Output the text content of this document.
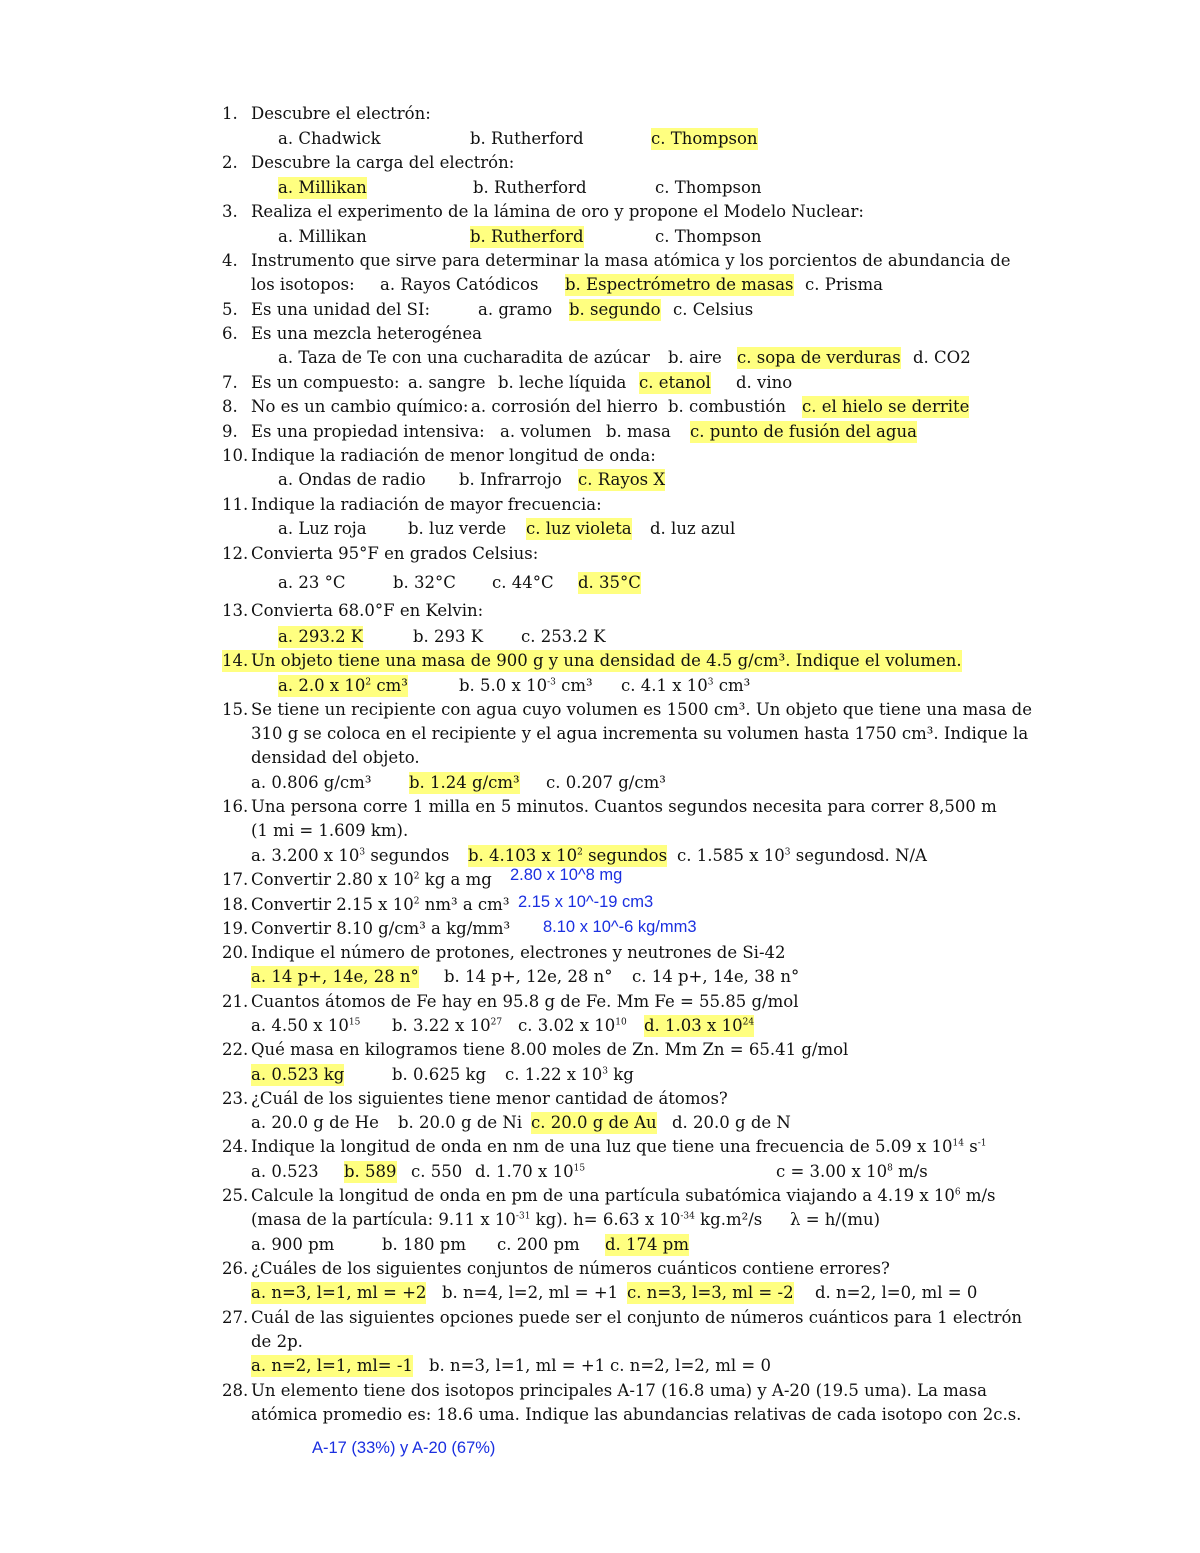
1. Descubre el electrón:
a. Chadwick	b. Rutherford	c. Thompson
2. Descubre la carga del electrón:
a. Millikan	b. Rutherford	c. Thompson
3. Realiza el experimento de la lámina de oro y propone el Modelo Nuclear:
a. Millikan	b. Rutherford	c. Thompson
4. Instrumento que sirve para determinar la masa atómica y los porcientos de abundancia de
los isotopos: a. Rayos Catódicos b. Espectrómetro de masas c. Prisma
5. Es una unidad del SI:	a. gramo b. segundo c. Celsius
6. Es una mezcla heterogénea
a. Taza de Te con una cucharadita de azúcar b. aire c. sopa de verduras d. CO2
7. Es un compuesto: a. sangre b. leche líquida c. etanol d. vino
8. No es un cambio químico: a. corrosión del hierro b. combustión c. el hielo se derrite
9. Es una propiedad intensiva: a. volumen b. masa c. punto de fusión del agua
10. Indique la radiación de menor longitud de onda:
a. Ondas de radio b. Infrarrojo c. Rayos X
11. Indique la radiación de mayor frecuencia:
a. Luz roja	b. luz verde c. luz violeta d. luz azul
12. Convierta 95°F en grados Celsius:
a. 23 °C	b. 32°C c. 44°C d. 35°C
13. Convierta 68.0°F en Kelvin:
a. 293.2 K	b. 293 K c. 253.2 K
14. Un objeto tiene una masa de 900 g y una densidad de 4.5 g/cm³. Indique el volumen.
a. 2.0 x $10^2$ cm³	b. 5.0 x $10^{-3}$ cm³ c. 4.1 x $10^3$ cm³
15. Se tiene un recipiente con agua cuyo volumen es 1500 cm³. Un objeto que tiene una masa de
310 g se coloca en el recipiente y el agua incrementa su volumen hasta 1750 cm³. Indique la
densidad del objeto.
a. 0.806 g/cm³ b. 1.24 g/cm³ c. 0.207 g/cm³
16. Una persona corre 1 milla en 5 minutos. Cuantos segundos necesita para correr 8,500 m
(1 mi = 1.609 km).
a. 3.200 x $10^3$ segundos b. 4.103 x $10^2$ segundos c. 1.585 x $10^3$ segundos d. N/A
17. Convertir 2.80 x $10^2$ kg a mg 2.80 x 10^8 mg
18. Convertir 2.15 x $10^2$ nm³ a cm³ 2.15 x 10^-19 cm3
19. Convertir 8.10 g/cm³ a kg/mm³ 8.10 x 10^-6 kg/mm3
20. Indique el número de protones, electrones y neutrones de Si-42
a. 14 p+, 14e, 28 n° b. 14 p+, 12e, 28 n° c. 14 p+, 14e, 38 n°
21. Cuantos átomos de Fe hay en 95.8 g de Fe. Mm Fe = 55.85 g/mol
a. 4.50 x $10^{15}$ b. 3.22 x $10^{27}$ c. 3.02 x $10^{10}$ d. 1.03 x $10^{24}$
22. Qué masa en kilogramos tiene 8.00 moles de Zn. Mm Zn = 65.41 g/mol
a. 0.523 kg	b. 0.625 kg c. 1.22 x $10^3$ kg
23. ¿Cuál de los siguientes tiene menor cantidad de átomos?
a. 20.0 g de He b. 20.0 g de Ni c. 20.0 g de Au d. 20.0 g de N
24. Indique la longitud de onda en nm de una luz que tiene una frecuencia de 5.09 x $10^{14}$ $s^{-1}$
a. 0.523 b. 589 c. 550 d. 1.70 x $10^{15}$	c = 3.00 x $10^8$ m/s
25. Calcule la longitud de onda en pm de una partícula subatómica viajando a 4.19 x $10^6$ m/s
(masa de la partícula: 9.11 x $10^{-31}$ kg). h= 6.63 x $10^{-34}$ kg.m²/s λ = h/(mu)
a. 900 pm	b. 180 pm c. 200 pm d. 174 pm
26. ¿Cuáles de los siguientes conjuntos de números cuánticos contiene errores?
a. n=3, l=1, ml = +2 b. n=4, l=2, ml = +1 c. n=3, l=3, ml = -2 d. n=2, l=0, ml = 0
27. Cuál de las siguientes opciones puede ser el conjunto de números cuánticos para 1 electrón
de 2p.
a. n=2, l=1, ml= -1 b. n=3, l=1, ml = +1 c. n=2, l=2, ml = 0
28. Un elemento tiene dos isotopos principales A-17 (16.8 uma) y A-20 (19.5 uma). La masa
atómica promedio es: 18.6 uma. Indique las abundancias relativas de cada isotopo con 2c.s.
A-17 (33%) y A-20 (67%)
